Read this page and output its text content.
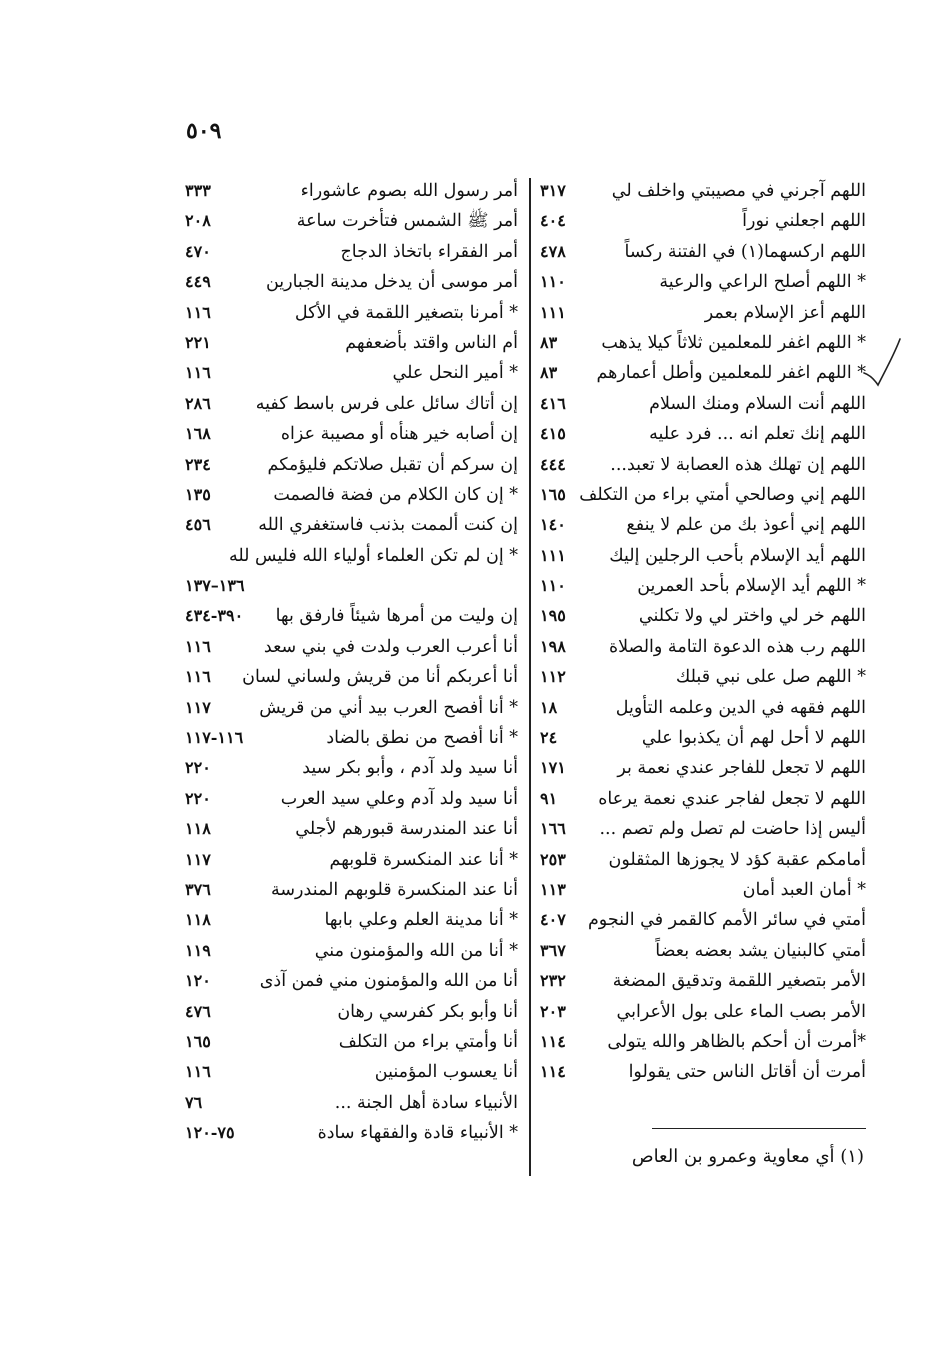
٥٠٩
اللهم آجرني في مصيبتي واخلف لي
٣١٧
اللهم اجعلني نوراً
٤٠٤
اللهم اركسهما(١) في الفتنة ركساً
٤٧٨
* اللهم أصلح الراعي والرعية
١١٠
اللهم أعز الإسلام بعمر
١١١
* اللهم اغفر للمعلمين ثلاثاً كيلا يذهب
٨٣
* اللهم اغفر للمعلمين وأطل أعمارهم
٨٣
اللهم أنت السلام ومنك السلام
٤١٦
اللهم إنك تعلم انه ... فرد عليه
٤١٥
اللهم إن تهلك هذه العصابة لا تعبد...
٤٤٤
اللهم إني وصالحي أمتي براء من التكلف
١٦٥
اللهم إني أعوذ بك من علم لا ينفع
١٤٠
اللهم أيد الإسلام بأحب الرجلين إليك
١١١
* اللهم أيد الإسلام بأحد العمرين
١١٠
اللهم خر لي واختر لي ولا تكلني
١٩٥
اللهم رب هذه الدعوة التامة والصلاة
١٩٨
* اللهم صل على نبي قبلك
١١٢
اللهم فقهه في الدين وعلمه التأويل
١٨
اللهم لا أحل لهم أن يكذبوا علي
٢٤
اللهم لا تجعل للفاجر عندي نعمة بر
١٧١
اللهم لا تجعل لفاجر عندي نعمة يرعاه
٩١
أليس إذا حاضت لم تصل ولم تصم ...
١٦٦
أمامكم عقبة كؤد لا يجوزها المثقلون
٢٥٣
* أمان العبد أمان
١١٣
أمتي في سائر الأمم كالقمر في النجوم
٤٠٧
أمتي كالبنيان يشد بعضه بعضاً
٣٦٧
الأمر بتصغير اللقمة وتدقيق المضغة
٢٣٢
الأمر بصب الماء على بول الأعرابي
٢٠٣
*أمرت أن أحكم بالظاهر والله يتولى
١١٤
أمرت أن أقاتل الناس حتى يقولوا
١١٤
أمر رسول الله بصوم عاشوراء
٣٣٣
أمر ﷺ الشمس فتأخرت ساعة
٢٠٨
أمر الفقراء باتخاذ الدجاج
٤٧٠
أمر موسى أن يدخل مدينة الجبارين
٤٤٩
* أمرنا بتصغير اللقمة في الأكل
١١٦
أم الناس واقتد بأضعفهم
٢٢١
* أمير النحل علي
١١٦
إن أتاك سائل على فرس باسط كفيه
٢٨٦
إن أصابه خير هنأه أو مصيبة عزاه
١٦٨
إن سركم أن تقبل صلاتكم فليؤمكم
٢٣٤
* إن كان الكلام من فضة فالصمت
١٣٥
إن كنت ألممت بذنب فاستغفري الله
٤٥٦
* إن لم تكن العلماء أولياء الله فليس لله
١٣٦–١٣٧
إن وليت من أمرها شيئاً فارفق بها
٣٩٠-٤٣٤
أنا أعرب العرب ولدت في بني سعد
١١٦
أنا أعربكم أنا من قريش ولساني لسان
١١٦
* أنا أفصح العرب بيد أني من قريش
١١٧
* أنا أفصح من نطق بالضاد
١١٦-١١٧
أنا سيد ولد آدم ، وأبو بكر سيد
٢٢٠
أنا سيد ولد آدم وعلي سيد العرب
٢٢٠
أنا عند المندرسة قبورهم لأجلي
١١٨
* أنا عند المنكسرة قلوبهم
١١٧
أنا عند المنكسرة قلوبهم المندرسة
٣٧٦
* أنا مدينة العلم وعلي بابها
١١٨
* أنا من الله والمؤمنون مني
١١٩
أنا من الله والمؤمنون مني فمن آذى
١٢٠
أنا وأبو بكر كفرسي رهان
٤٧٦
أنا وأمتي براء من التكلف
١٦٥
أنا يعسوب المؤمنين
١١٦
الأنبياء سادة أهل الجنة ...
٧٦
* الأنبياء قادة والفقهاء سادة
٧٥-١٢٠
(١) أي معاوية وعمرو بن العاص
